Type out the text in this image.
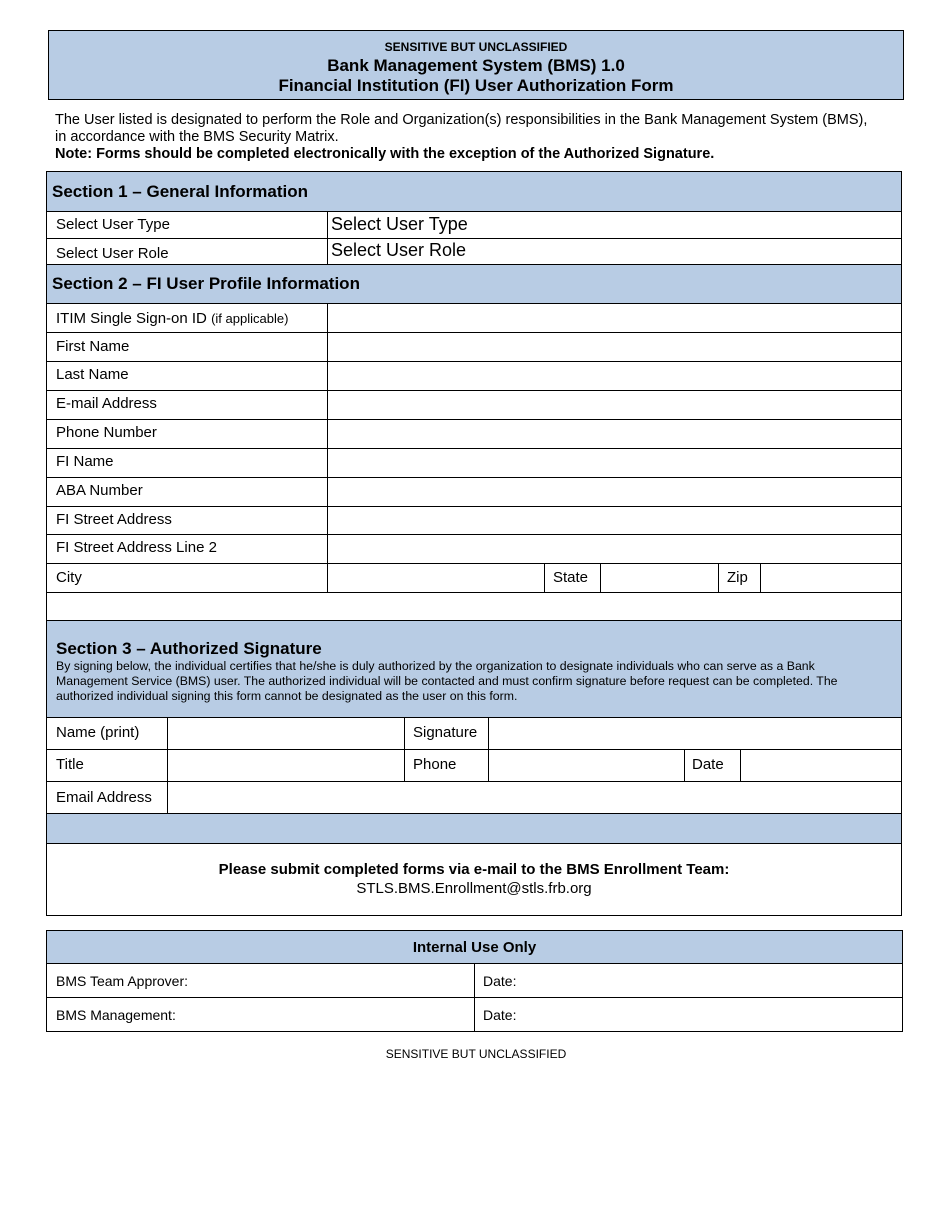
SENSITIVE BUT UNCLASSIFIED
Bank Management System (BMS) 1.0
Financial Institution (FI) User Authorization Form
The User listed is designated to perform the Role and Organization(s) responsibilities in the Bank Management System (BMS),
in accordance with the BMS Security Matrix.
Note: Forms should be completed electronically with the exception of the Authorized Signature.
Section 1 – General Information
Select User Type	Select User Type
Select User Role	Select User Role
Section 2 – FI User Profile Information
ITIM Single Sign-on ID (if applicable)
First Name
Last Name
E-mail Address
Phone Number
FI Name
ABA Number
FI Street Address
FI Street Address Line 2
City	State	Zip
Section 3 – Authorized Signature
By signing below, the individual certifies that he/she is duly authorized by the organization to designate individuals who can serve as a Bank
Management Service (BMS) user. The authorized individual will be contacted and must confirm signature before request can be completed. The
authorized individual signing this form cannot be designated as the user on this form.
Name (print)	Signature
Title	Phone	Date
Email Address
Please submit completed forms via e-mail to the BMS Enrollment Team:
STLS.BMS.Enrollment@stls.frb.org
Internal Use Only
BMS Team Approver:	Date:
BMS Management:	Date:
SENSITIVE BUT UNCLASSIFIED
